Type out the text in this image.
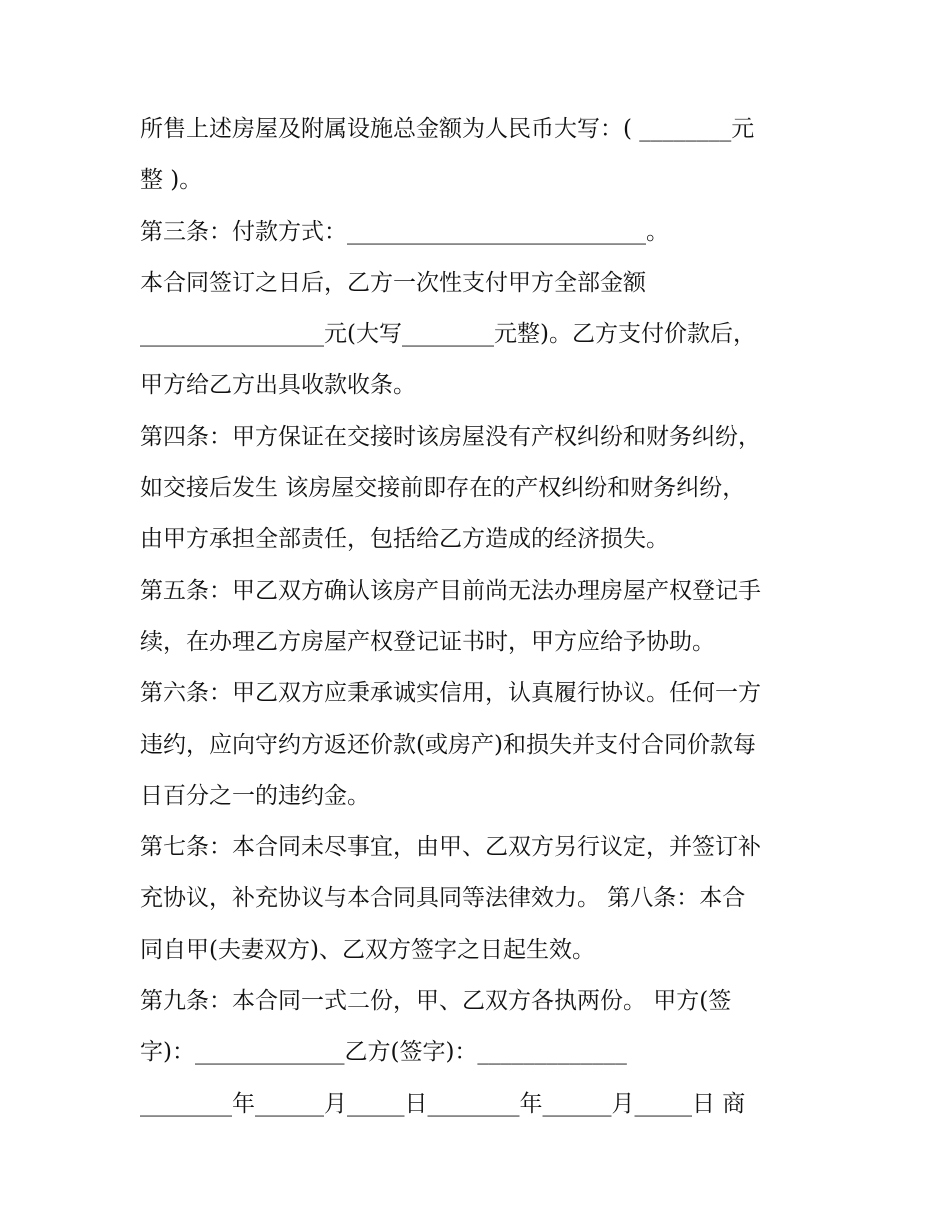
所售上述房屋及附属设施总金额为人民币大写：( ________元
整 )。
第三条：付款方式：__________________________。
本合同签订之日后，乙方一次性支付甲方全部金额
________________元(大写________元整)。乙方支付价款后，
甲方给乙方出具收款收条。
第四条：甲方保证在交接时该房屋没有产权纠纷和财务纠纷，
如交接后发生 该房屋交接前即存在的产权纠纷和财务纠纷，
由甲方承担全部责任，包括给乙方造成的经济损失。
第五条：甲乙双方确认该房产目前尚无法办理房屋产权登记手
续，在办理乙方房屋产权登记证书时，甲方应给予协助。
第六条：甲乙双方应秉承诚实信用，认真履行协议。任何一方
违约，应向守约方返还价款(或房产)和损失并支付合同价款每
日百分之一的违约金。
第七条：本合同未尽事宜，由甲、乙双方另行议定，并签订补
充协议，补充协议与本合同具同等法律效力。 第八条：本合
同自甲(夫妻双方)、乙双方签字之日起生效。
第九条：本合同一式二份，甲、乙双方各执两份。 甲方(签
字)：_____________乙方(签字)：_____________
________年______月_____日________年______月_____日 商
